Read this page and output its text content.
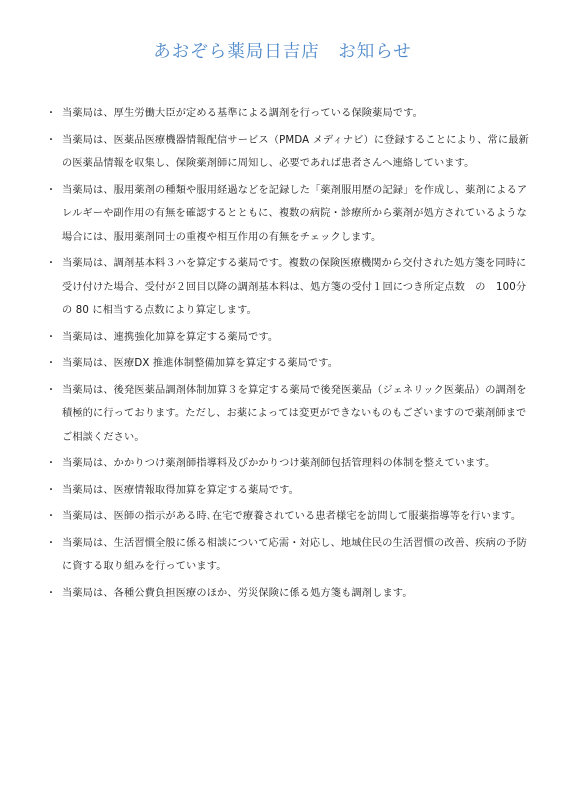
あおぞら薬局日吉店　お知らせ
・ 当薬局は、厚生労働大臣が定める基準による調剤を行っている保険薬局です。
・ 当薬局は、医薬品医療機器情報配信サービス（PMDA メディナビ）に登録することにより、常に最新の医薬品情報を収集し、保険薬剤師に周知し、必要であれば患者さんへ連絡しています。
・ 当薬局は、服用薬剤の種類や服用経過などを記録した「薬剤服用歴の記録」を作成し、薬剤によるアレルギーや副作用の有無を確認するとともに、複数の病院・診療所から薬剤が処方されているような場合には、服用薬剤同士の重複や相互作用の有無をチェックします。
・ 当薬局は、調剤基本料３ハを算定する薬局です。複数の保険医療機関から交付された処方箋を同時に受け付けた場合、受付が２回目以降の調剤基本料は、処方箋の受付１回につき所定点数　の　100分の 80 に相当する点数により算定します。
・ 当薬局は、連携強化加算を算定する薬局です。
・ 当薬局は、医療DX 推進体制整備加算を算定する薬局です。
・ 当薬局は、後発医薬品調剤体制加算３を算定する薬局で後発医薬品（ジェネリック医薬品）の調剤を積極的に行っております。ただし、お薬によっては変更ができないものもございますので薬剤師までご相談ください。
・ 当薬局は、かかりつけ薬剤師指導料及びかかりつけ薬剤師包括管理料の体制を整えています。
・ 当薬局は、医療情報取得加算を算定する薬局です。
・ 当薬局は、医師の指示がある時､在宅で療養されている患者様宅を訪問して服薬指導等を行います。
・ 当薬局は、生活習慣全般に係る相談について応需・対応し、地域住民の生活習慣の改善、疾病の予防に資する取り組みを行っています。
・ 当薬局は、各種公費負担医療のほか、労災保険に係る処方箋も調剤します。
